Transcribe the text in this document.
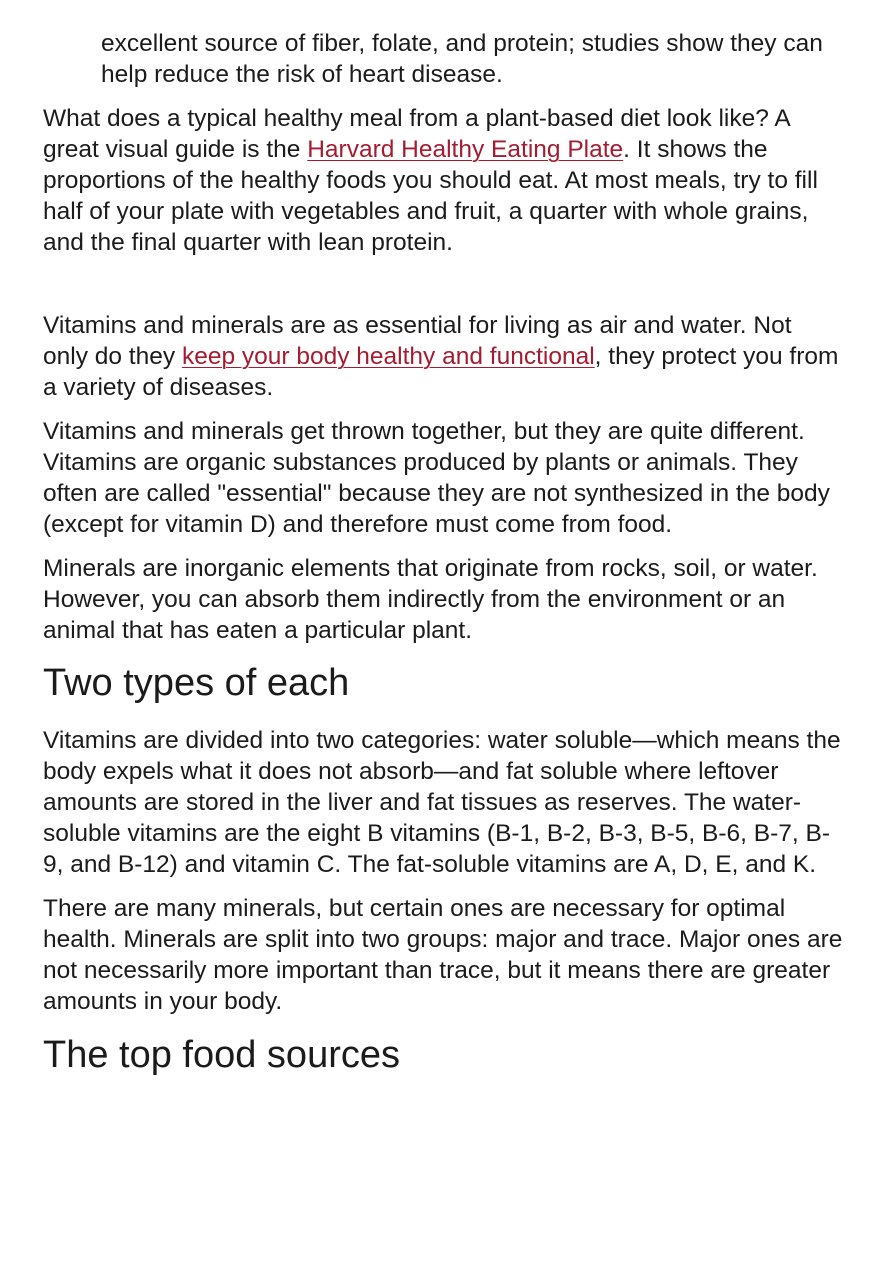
excellent source of fiber, folate, and protein; studies show they can help reduce the risk of heart disease.

What does a typical healthy meal from a plant-based diet look like? A great visual guide is the Harvard Healthy Eating Plate. It shows the proportions of the healthy foods you should eat. At most meals, try to fill half of your plate with vegetables and fruit, a quarter with whole grains, and the final quarter with lean protein.

Vitamins and minerals are as essential for living as air and water. Not only do they keep your body healthy and functional, they protect you from a variety of diseases.

Vitamins and minerals get thrown together, but they are quite different. Vitamins are organic substances produced by plants or animals. They often are called "essential" because they are not synthesized in the body (except for vitamin D) and therefore must come from food.

Minerals are inorganic elements that originate from rocks, soil, or water. However, you can absorb them indirectly from the environment or an animal that has eaten a particular plant.

Two types of each

Vitamins are divided into two categories: water soluble—which means the body expels what it does not absorb—and fat soluble where leftover amounts are stored in the liver and fat tissues as reserves. The water-soluble vitamins are the eight B vitamins (B-1, B-2, B-3, B-5, B-6, B-7, B-9, and B-12) and vitamin C. The fat-soluble vitamins are A, D, E, and K.

There are many minerals, but certain ones are necessary for optimal health. Minerals are split into two groups: major and trace. Major ones are not necessarily more important than trace, but it means there are greater amounts in your body.

The top food sources
